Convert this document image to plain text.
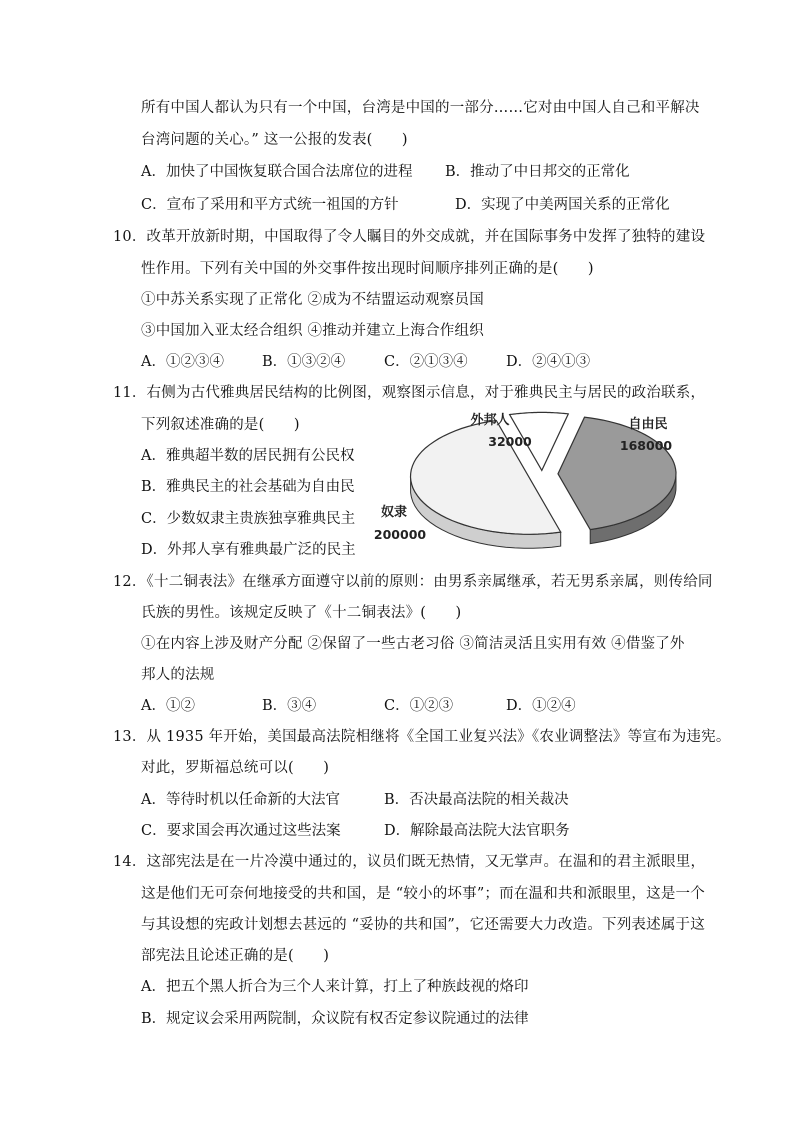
所有中国人都认为只有一个中国，台湾是中国的一部分……它对由中国人自己和平解决
台湾问题的关心。” 这一公报的发表(　　)
A．加快了中国恢复联合国合法席位的进程 B．推动了中日邦交的正常化
C．宣布了采用和平方式统一祖国的方针	D．实现了中美两国关系的正常化
10．改革开放新时期，中国取得了令人瞩目的外交成就，并在国际事务中发挥了独特的建设
性作用。下列有关中国的外交事件按出现时间顺序排列正确的是(　　)
①中苏关系实现了正常化 ②成为不结盟运动观察员国
③中国加入亚太经合组织 ④推动并建立上海合作组织
A．①②③④	B．①③②④	C．②①③④	D．②④①③
11．右侧为古代雅典居民结构的比例图，观察图示信息，对于雅典民主与居民的政治联系，
下列叙述准确的是(　　)
A．雅典超半数的居民拥有公民权
B．雅典民主的社会基础为自由民
C．少数奴隶主贵族独享雅典民主
D．外邦人享有雅典最广泛的民主
外邦人
32000
自由民
168000
奴隶
200000
12．《十二铜表法》在继承方面遵守以前的原则：由男系亲属继承，若无男系亲属，则传给同
氏族的男性。该规定反映了《十二铜表法》(　　)
①在内容上涉及财产分配 ②保留了一些古老习俗 ③简洁灵活且实用有效 ④借鉴了外
邦人的法规
A．①②	B．③④	C．①②③	D．①②④
13．从 1935 年开始，美国最高法院相继将《全国工业复兴法》《农业调整法》等宣布为违宪。
对此，罗斯福总统可以(　　)
A．等待时机以任命新的大法官	B．否决最高法院的相关裁决
C．要求国会再次通过这些法案	D．解除最高法院大法官职务
14．这部宪法是在一片冷漠中通过的，议员们既无热情，又无掌声。在温和的君主派眼里，
这是他们无可奈何地接受的共和国，是 “较小的坏事”；而在温和共和派眼里，这是一个
与其设想的宪政计划想去甚远的 “妥协的共和国”，它还需要大力改造。下列表述属于这
部宪法且论述正确的是(　　)
A．把五个黑人折合为三个人来计算，打上了种族歧视的烙印
B．规定议会采用两院制，众议院有权否定参议院通过的法律
